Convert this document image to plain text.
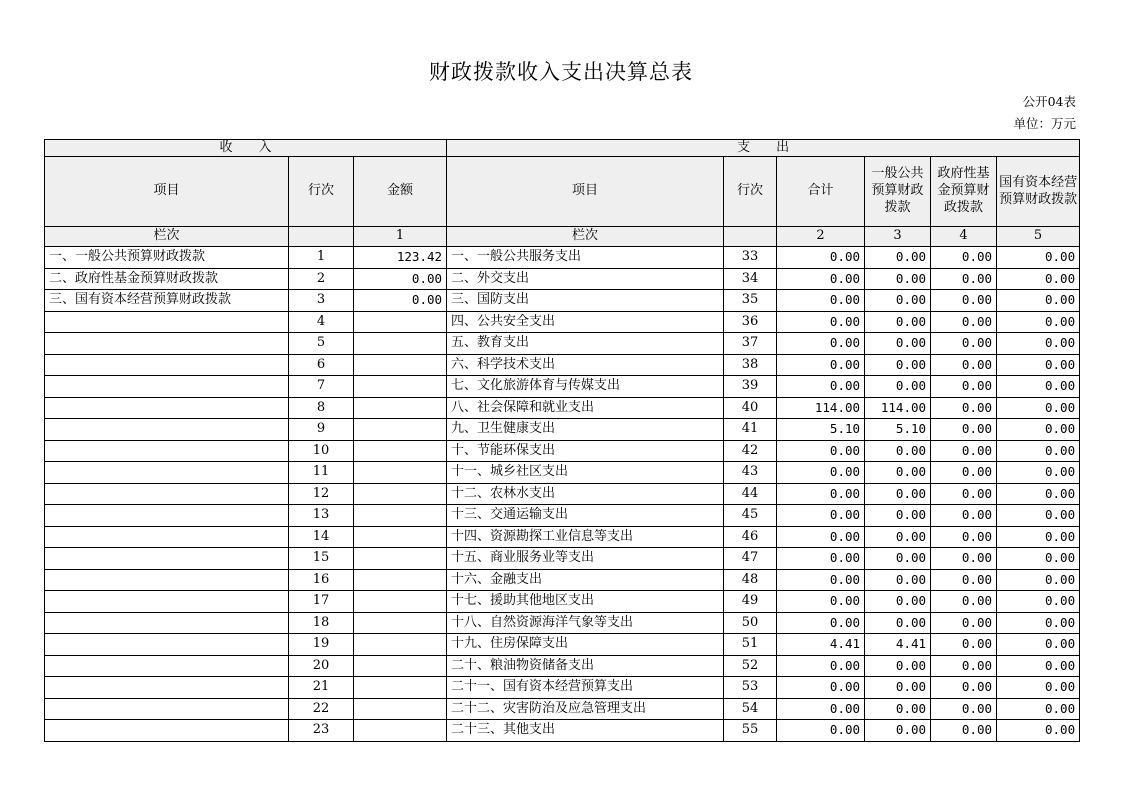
财政拨款收入支出决算总表
公开04表
单位：万元
收　　入			支　　出					
项目	行次	金额	项目	行次	合计	一般公共预算财政拨款	政府性基金预算财政拨款	国有资本经营预算财政拨款
栏次		1	栏次		2	3	4	5
一、一般公共预算财政拨款	1	123.42	一、一般公共服务支出	33	0.00	0.00	0.00	0.00
二、政府性基金预算财政拨款	2	0.00	二、外交支出	34	0.00	0.00	0.00	0.00
三、国有资本经营预算财政拨款	3	0.00	三、国防支出	35	0.00	0.00	0.00	0.00
	4		四、公共安全支出	36	0.00	0.00	0.00	0.00
	5		五、教育支出	37	0.00	0.00	0.00	0.00
	6		六、科学技术支出	38	0.00	0.00	0.00	0.00
	7		七、文化旅游体育与传媒支出	39	0.00	0.00	0.00	0.00
	8		八、社会保障和就业支出	40	114.00	114.00	0.00	0.00
	9		九、卫生健康支出	41	5.10	5.10	0.00	0.00
	10		十、节能环保支出	42	0.00	0.00	0.00	0.00
	11		十一、城乡社区支出	43	0.00	0.00	0.00	0.00
	12		十二、农林水支出	44	0.00	0.00	0.00	0.00
	13		十三、交通运输支出	45	0.00	0.00	0.00	0.00
	14		十四、资源勘探工业信息等支出	46	0.00	0.00	0.00	0.00
	15		十五、商业服务业等支出	47	0.00	0.00	0.00	0.00
	16		十六、金融支出	48	0.00	0.00	0.00	0.00
	17		十七、援助其他地区支出	49	0.00	0.00	0.00	0.00
	18		十八、自然资源海洋气象等支出	50	0.00	0.00	0.00	0.00
	19		十九、住房保障支出	51	4.41	4.41	0.00	0.00
	20		二十、粮油物资储备支出	52	0.00	0.00	0.00	0.00
	21		二十一、国有资本经营预算支出	53	0.00	0.00	0.00	0.00
	22		二十二、灾害防治及应急管理支出	54	0.00	0.00	0.00	0.00
	23		二十三、其他支出	55	0.00	0.00	0.00	0.00
